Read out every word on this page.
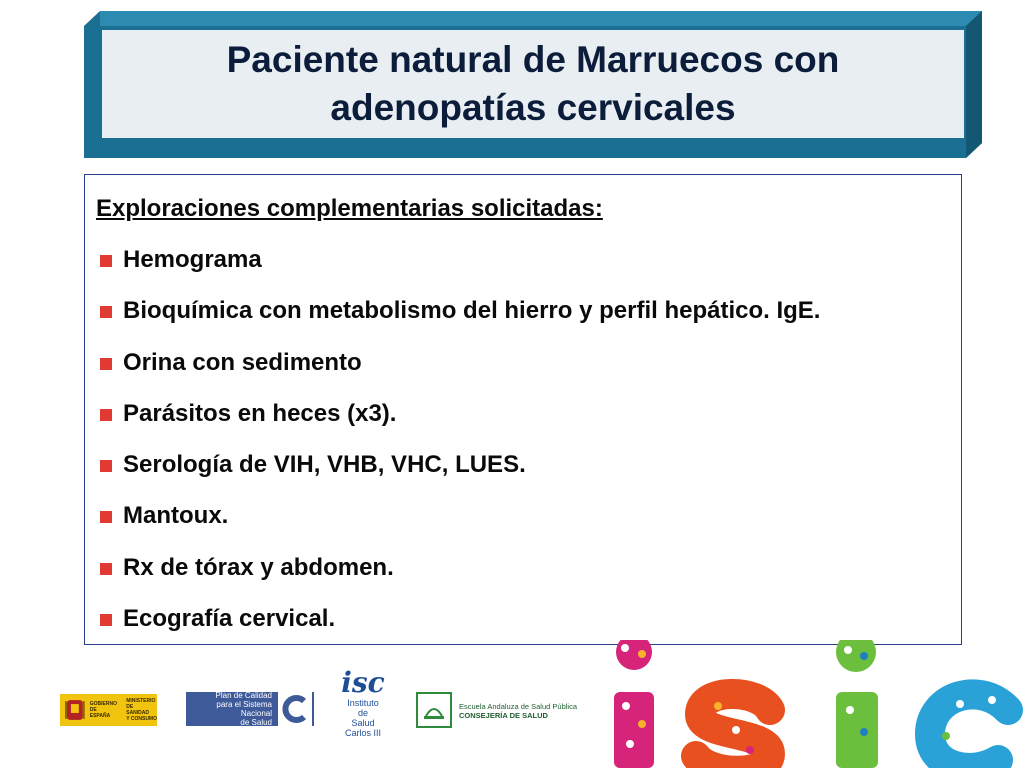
Paciente natural de Marruecos con
adenopatías cervicales
Exploraciones complementarias solicitadas:
Hemograma
Bioquímica con metabolismo del hierro y perfil hepático. IgE.
Orina con sedimento
Parásitos en heces (x3).
Serología de VIH, VHB, VHC, LUES.
Mantoux.
Rx de tórax y abdomen.
Ecografía cervical.
GOBIERNO
DE ESPAÑA
MINISTERIO
DE SANIDAD
Y CONSUMO
Plan de Calidad
para el Sistema Nacional
de Salud
isc
Instituto
de
Salud
Carlos III
Escuela Andaluza de Salud Pública
CONSEJERÍA DE SALUD
